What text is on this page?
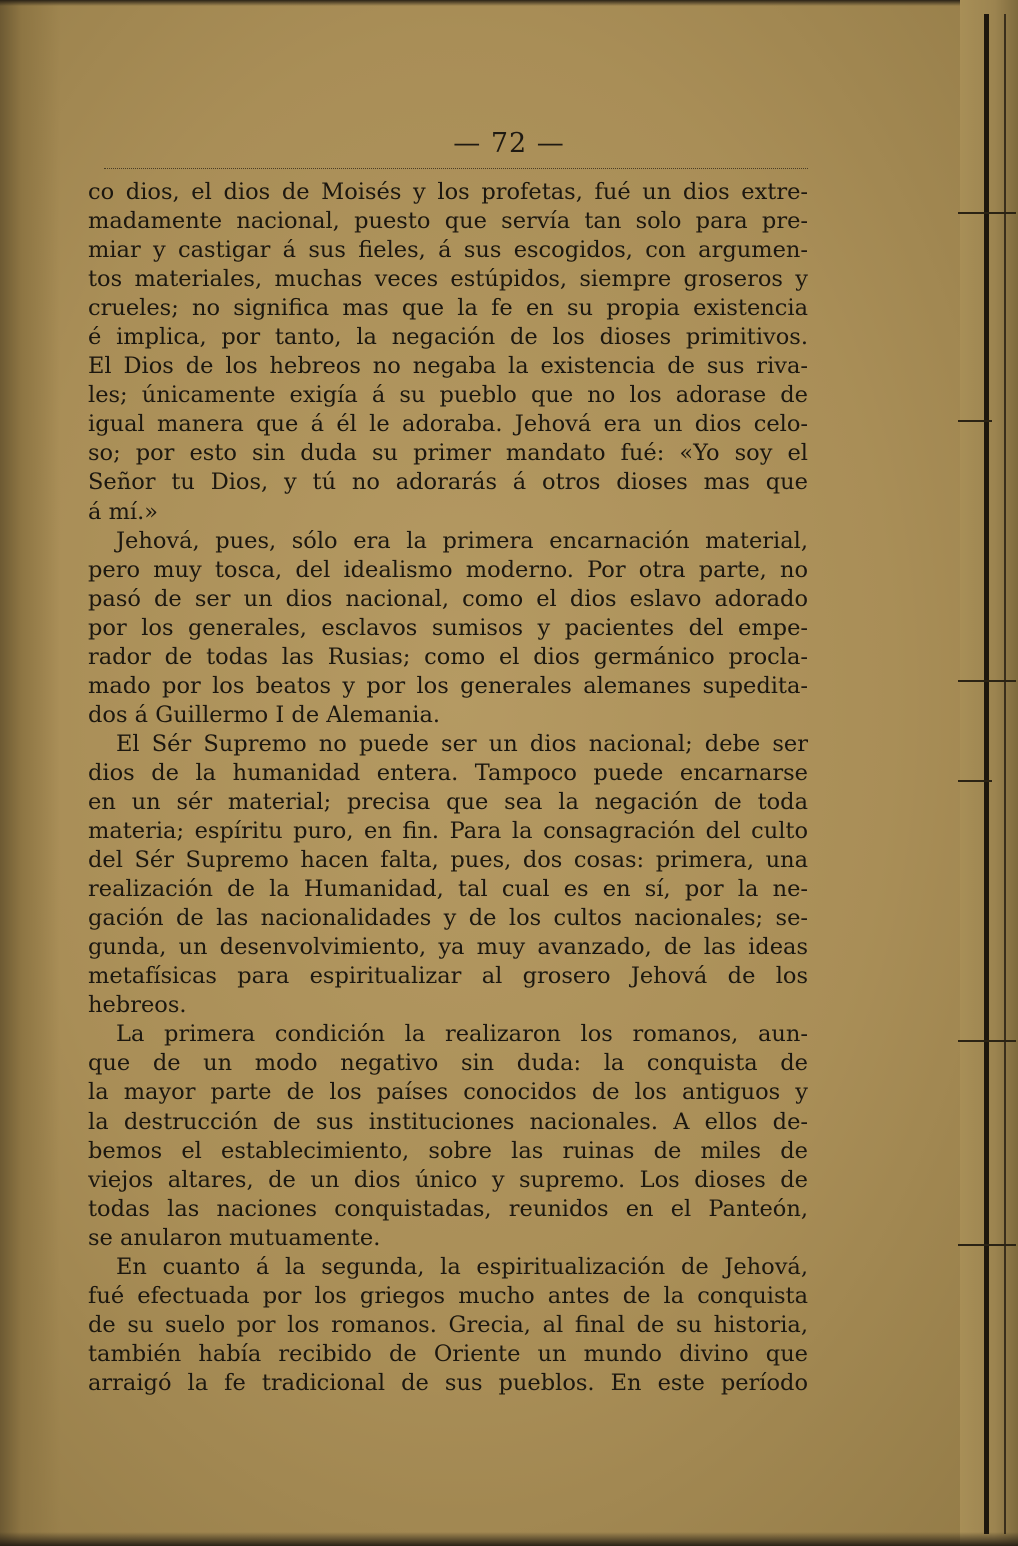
— 72 —
co dios, el dios de Moisés y los profetas, fué un dios extre-
madamente nacional, puesto que servía tan solo para pre-
miar y castigar á sus fieles, á sus escogidos, con argumen-
tos materiales, muchas veces estúpidos, siempre groseros y
crueles; no significa mas que la fe en su propia existencia
é implica, por tanto, la negación de los dioses primitivos.
El Dios de los hebreos no negaba la existencia de sus riva-
les; únicamente exigía á su pueblo que no los adorase de
igual manera que á él le adoraba. Jehová era un dios celo-
so; por esto sin duda su primer mandato fué: «Yo soy el
Señor tu Dios, y tú no adorarás á otros dioses mas que
á mí.»
Jehová, pues, sólo era la primera encarnación material,
pero muy tosca, del idealismo moderno. Por otra parte, no
pasó de ser un dios nacional, como el dios eslavo adorado
por los generales, esclavos sumisos y pacientes del empe-
rador de todas las Rusias; como el dios germánico procla-
mado por los beatos y por los generales alemanes supedita-
dos á Guillermo I de Alemania.
El Sér Supremo no puede ser un dios nacional; debe ser
dios de la humanidad entera. Tampoco puede encarnarse
en un sér material; precisa que sea la negación de toda
materia; espíritu puro, en fin. Para la consagración del culto
del Sér Supremo hacen falta, pues, dos cosas: primera, una
realización de la Humanidad, tal cual es en sí, por la ne-
gación de las nacionalidades y de los cultos nacionales; se-
gunda, un desenvolvimiento, ya muy avanzado, de las ideas
metafísicas para espiritualizar al grosero Jehová de los
hebreos.
La primera condición la realizaron los romanos, aun-
que de un modo negativo sin duda: la conquista de
la mayor parte de los países conocidos de los antiguos y
la destrucción de sus instituciones nacionales. A ellos de-
bemos el establecimiento, sobre las ruinas de miles de
viejos altares, de un dios único y supremo. Los dioses de
todas las naciones conquistadas, reunidos en el Panteón,
se anularon mutuamente.
En cuanto á la segunda, la espiritualización de Jehová,
fué efectuada por los griegos mucho antes de la conquista
de su suelo por los romanos. Grecia, al final de su historia,
también había recibido de Oriente un mundo divino que
arraigó la fe tradicional de sus pueblos. En este período
